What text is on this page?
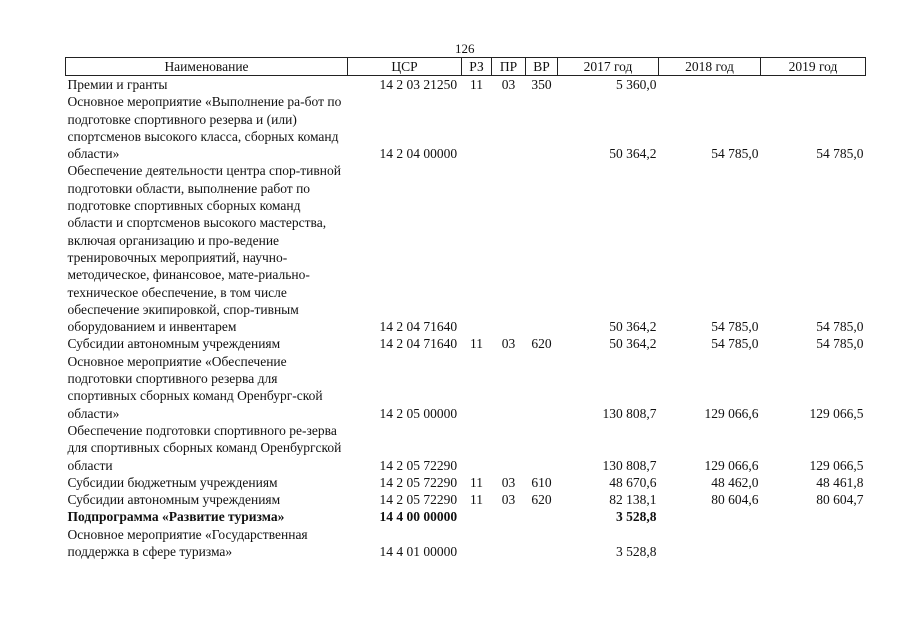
126
Наименование	ЦСР	РЗ	ПР	ВР	2017 год	2018 год	2019 год
Премии и гранты	14 2 03 21250	11	03	350	5 360,0		
Основное мероприятие «Выполнение ра-бот по подготовке спортивного резерва и (или) спортсменов высокого класса, сборных команд области»	14 2 04 00000				50 364,2	54 785,0	54 785,0
Обеспечение деятельности центра спор-тивной подготовки области, выполнение работ по подготовке спортивных сборных команд области и спортсменов высокого мастерства, включая организацию и про-ведение тренировочных мероприятий, научно-методическое, финансовое, мате-риально-техническое обеспечение, в том числе обеспечение экипировкой, спор-тивным оборудованием и инвентарем	14 2 04 71640				50 364,2	54 785,0	54 785,0
Субсидии автономным учреждениям	14 2 04 71640	11	03	620	50 364,2	54 785,0	54 785,0
Основное мероприятие «Обеспечение подготовки спортивного резерва для спортивных сборных команд Оренбург-ской области»	14 2 05 00000				130 808,7	129 066,6	129 066,5
Обеспечение подготовки спортивного ре-зерва для спортивных сборных команд Оренбургской области	14 2 05 72290				130 808,7	129 066,6	129 066,5
Субсидии бюджетным учреждениям	14 2 05 72290	11	03	610	48 670,6	48 462,0	48 461,8
Субсидии автономным учреждениям	14 2 05 72290	11	03	620	82 138,1	80 604,6	80 604,7
Подпрограмма «Развитие туризма»	14 4 00 00000				3 528,8		
Основное мероприятие «Государственная поддержка в сфере туризма»	14 4 01 00000				3 528,8		
